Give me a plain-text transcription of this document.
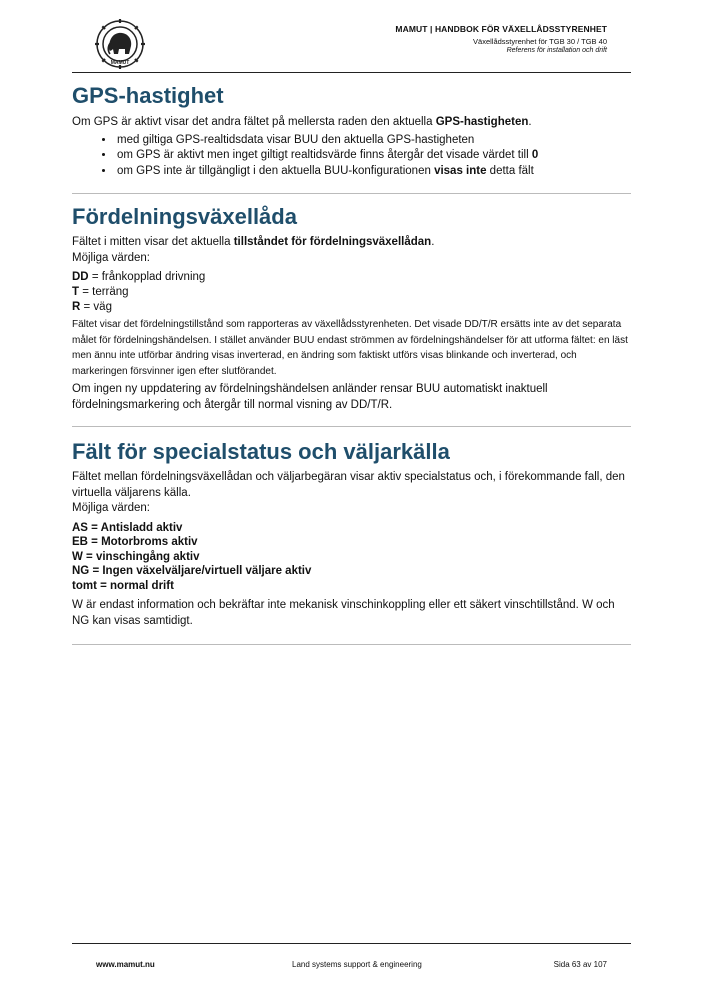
MAMUT
MAMUT | HANDBOK FÖR VÄXELLÅDSSTYRENHET
Växellådsstyrenhet för TGB 30 / TGB 40
Referens för installation och drift
GPS-hastighet

Om GPS är aktivt visar det andra fältet på mellersta raden den aktuella GPS-hastigheten.

• med giltiga GPS-realtidsdata visar BUU den aktuella GPS-hastigheten
• om GPS är aktivt men inget giltigt realtidsvärde finns återgår det visade värdet till 0
• om GPS inte är tillgängligt i den aktuella BUU-konfigurationen visas inte detta fält
Fördelningsväxellåda

Fältet i mitten visar det aktuella tillståndet för fördelningsväxellådan.

Möjliga värden:

DD = frånkopplad drivning

T = terräng

R = väg

Fältet visar det fördelningstillstånd som rapporteras av växellådsstyrenheten. Det visade DD/T/R ersätts inte av det separata målet för fördelningshändelsen. I stället använder BUU endast strömmen av fördelningshändelser för att utforma fältet: en läst men ännu inte utförbar ändring visas inverterad, en ändring som faktiskt utförs visas blinkande och inverterad, och markeringen försvinner igen efter slutförandet.

Om ingen ny uppdatering av fördelningshändelsen anländer rensar BUU automatiskt inaktuell fördelningsmarkering och återgår till normal visning av DD/T/R.

Fält för specialstatus och väljarkälla

Fältet mellan fördelningsväxellådan och väljarbegäran visar aktiv specialstatus och, i förekommande fall, den virtuella väljarens källa.

Möjliga värden:

AS = Antisladd aktiv

EB = Motorbroms aktiv

W = vinschingång aktiv

NG = Ingen växelväljare/virtuell väljare aktiv

tomt = normal drift

W är endast information och bekräftar inte mekanisk vinschinkoppling eller ett säkert vinschtillstånd. W och NG kan visas samtidigt.

www.mamut.nu	Land systems support & engineering	Sida 63 av 107
